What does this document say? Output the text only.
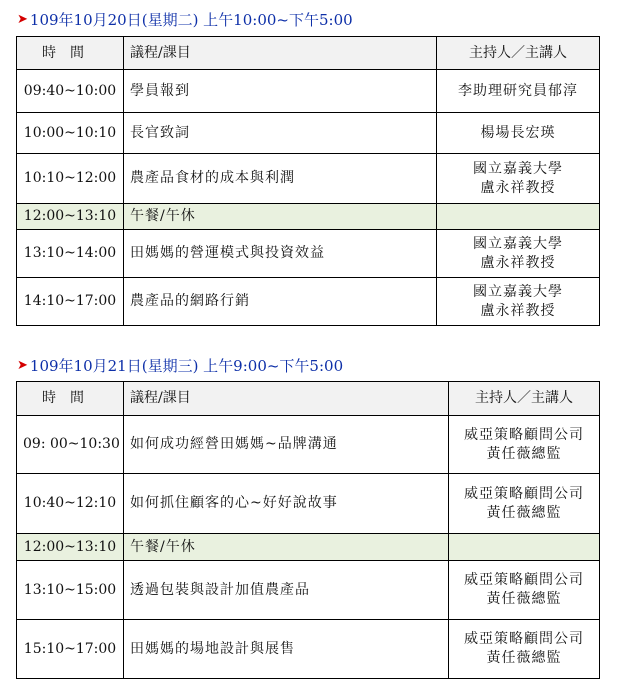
➤ 109年10月20日(星期二) 上午10:00~下午5:00
時間	議程/課目	主持人／主講人
09:40~10:00	學員報到	李助理研究員郁淳

10:00~10:10	長官致詞	楊場長宏瑛

10:10~12:00	農產品食材的成本與利潤	國立嘉義大學
盧永祥教授

12:00~13:10	午餐/午休	
13:10~14:00	田媽媽的營運模式與投資效益	國立嘉義大學
盧永祥教授

14:10~17:00	農產品的網路行銷	國立嘉義大學
盧永祥教授
➤ 109年10月21日(星期三) 上午9:00~下午5:00
時間	議程/課目	主持人／主講人
09: 00~10:30	如何成功經營田媽媽~品牌溝通	威亞策略顧問公司
黃任薇總監

10:40~12:10	如何抓住顧客的心~好好說故事	威亞策略顧問公司
黃任薇總監

12:00~13:10	午餐/午休	
13:10~15:00	透過包裝與設計加值農產品	威亞策略顧問公司
黃任薇總監

15:10~17:00	田媽媽的場地設計與展售	威亞策略顧問公司
黃任薇總監
